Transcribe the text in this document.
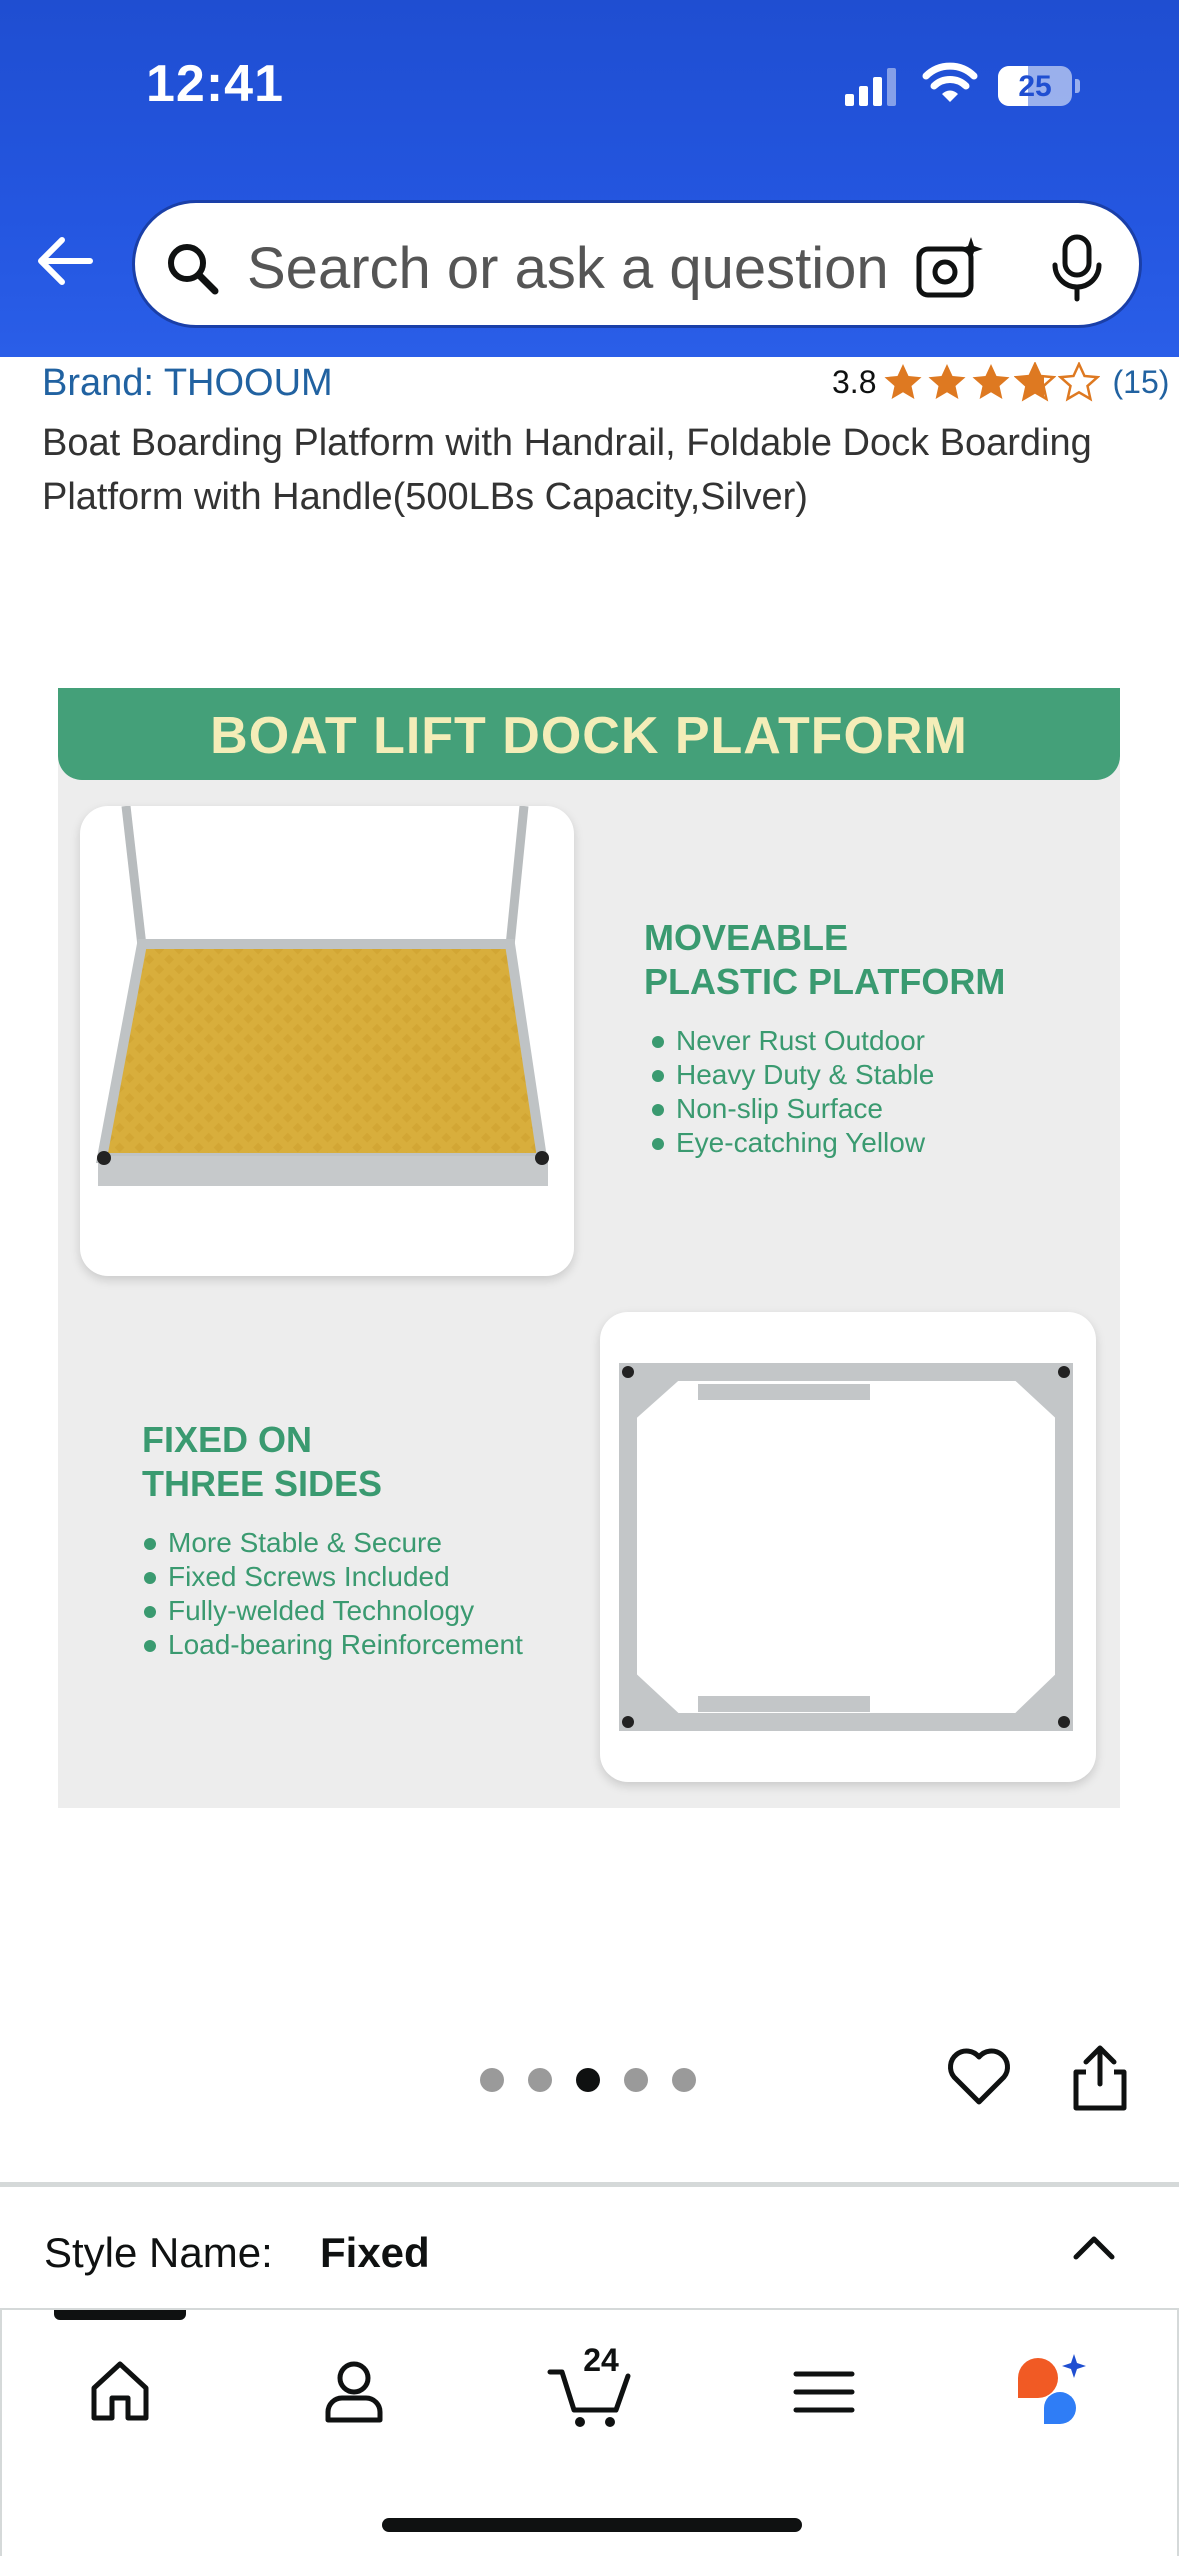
12:41	25
Search or ask a question
Brand: THOOUM	3.8	(15)
Boat Boarding Platform with Handrail, Foldable Dock Boarding Platform with Handle(500LBs Capacity,Silver)
BOAT LIFT DOCK PLATFORM
MOVEABLE
PLASTIC PLATFORM
Never Rust Outdoor
Heavy Duty & Stable
Non-slip Surface
Eye-catching Yellow
FIXED ON
THREE SIDES
More Stable & Secure
Fixed Screws Included
Fully-welded Technology
Load-bearing Reinforcement
Style Name: Fixed
24
